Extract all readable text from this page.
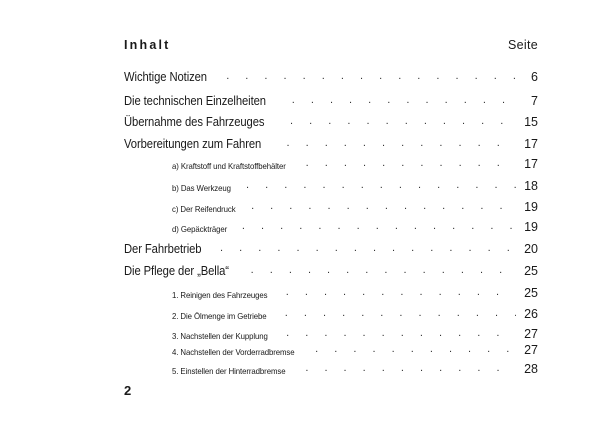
Inhalt	Seite
Wichtige Notizen . . .	6
Die technischen Einzelheiten . . .	7
Übernahme des Fahrzeuges . . .	15
Vorbereitungen zum Fahren . . .	17
a) Kraftstoff und Kraftstoffbehälter . . .	17
b) Das Werkzeug . . .	18
c) Der Reifendruck . . .	19
d) Gepäckträger . . .	19
Der Fahrbetrieb . . .	20
Die Pflege der „Bella“ . . .	25
1. Reinigen des Fahrzeuges . . .	25
2. Die Ölmenge im Getriebe . . .	26
3. Nachstellen der Kupplung . . .	27
4. Nachstellen der Vorderradbremse . . .	27
5. Einstellen der Hinterradbremse . . .	28
2
